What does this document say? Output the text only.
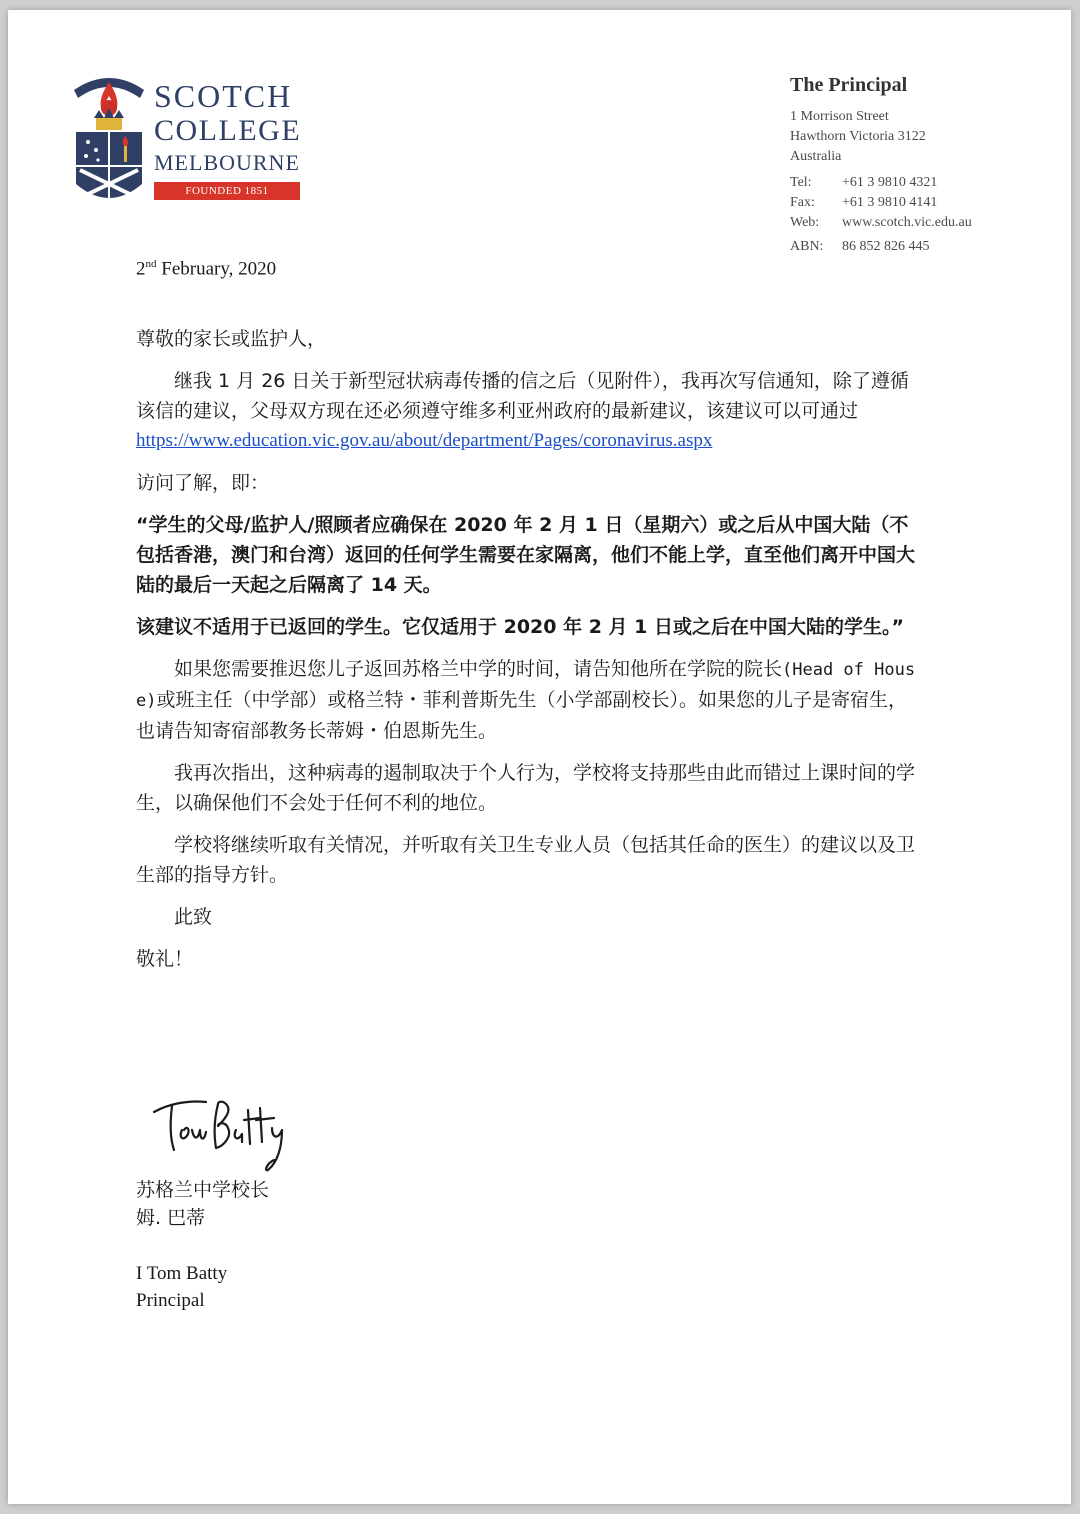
SCOTCH
COLLEGE
MELBOURNE
FOUNDED 1851
The Principal
1 Morrison Street
Hawthorn Victoria 3122
Australia
Tel: +61 3 9810 4321
Fax: +61 3 9810 4141
Web: www.scotch.vic.edu.au
ABN: 86 852 826 445
2nd February, 2020
尊敬的家长或监护人，
继我 1 月 26 日关于新型冠状病毒传播的信之后（见附件），我再次写信通知，除了遵循该信的建议，父母双方现在还必须遵守维多利亚州政府的最新建议，该建议可以可通过
https://www.education.vic.gov.au/about/department/Pages/coronavirus.aspx
访问了解，即：
“学生的父母/监护人/照顾者应确保在 2020 年 2 月 1 日（星期六）或之后从中国大陆（不包括香港，澳门和台湾）返回的任何学生需要在家隔离，他们不能上学，直至他们离开中国大陆的最后一天起之后隔离了 14 天。
该建议不适用于已返回的学生。它仅适用于 2020 年 2 月 1 日或之后在中国大陆的学生。”
如果您需要推迟您儿子返回苏格兰中学的时间，请告知他所在学院的院长(Head of House)或班主任（中学部）或格兰特・菲利普斯先生（小学部副校长）。如果您的儿子是寄宿生，也请告知寄宿部教务长蒂姆・伯恩斯先生。
我再次指出，这种病毒的遏制取决于个人行为，学校将支持那些由此而错过上课时间的学生，以确保他们不会处于任何不利的地位。
学校将继续听取有关情况，并听取有关卫生专业人员（包括其任命的医生）的建议以及卫生部的指导方针。
此致
敬礼！
苏格兰中学校长
姆. 巴蒂
I Tom Batty
Principal
